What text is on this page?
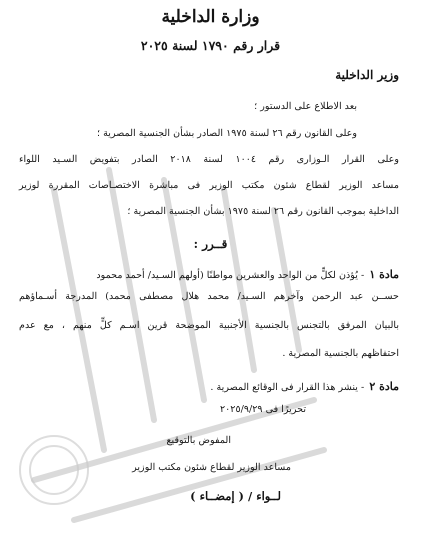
وزارة الداخلية
قرار رقم ١٧٩٠ لسنة ٢٠٢٥
وزير الداخلية
بعد الاطلاع على الدستور ؛
وعلى القانون رقم ٢٦ لسنة ١٩٧٥ الصادر بشأن الجنسية المصرية ؛
وعلى القرار الـوزارى رقم ١٠٠٤ لسنة ٢٠١٨ الصادر بتفويض السـيد اللواء
مساعد الوزير لقطاع شئون مكتب الوزير فى مباشرة الاختصـاصات المقررة لوزير
الداخلية بموجب القانون رقم ٢٦ لسنة ١٩٧٥ بشأن الجنسية المصرية ؛
قــرر :
مادة ١ - يُؤذن لكلٍّ من الواحد والعشرين مواطنًا (أولهم السـيد/ أحمد محمود
حســن عبد الرحمن وآخرهم السـيد/ محمد هلال مصطفى محمد) المدرجة أسـماؤهم
بالبيان المرفق بالتجنس بالجنسية الأجنبية الموضحة قرين اسـم كلٍّ منهم ، مع عدم
احتفاظهم بالجنسية المصرية .
مادة ٢ - ينشر هذا القرار فى الوقائع المصرية .
تحريرًا فى ٢٠٢٥/٩/٢٩
المفوض بالتوقيع
مساعد الوزير لقطاع شئون مكتب الوزير
لــواء / ( إمضــاء )
